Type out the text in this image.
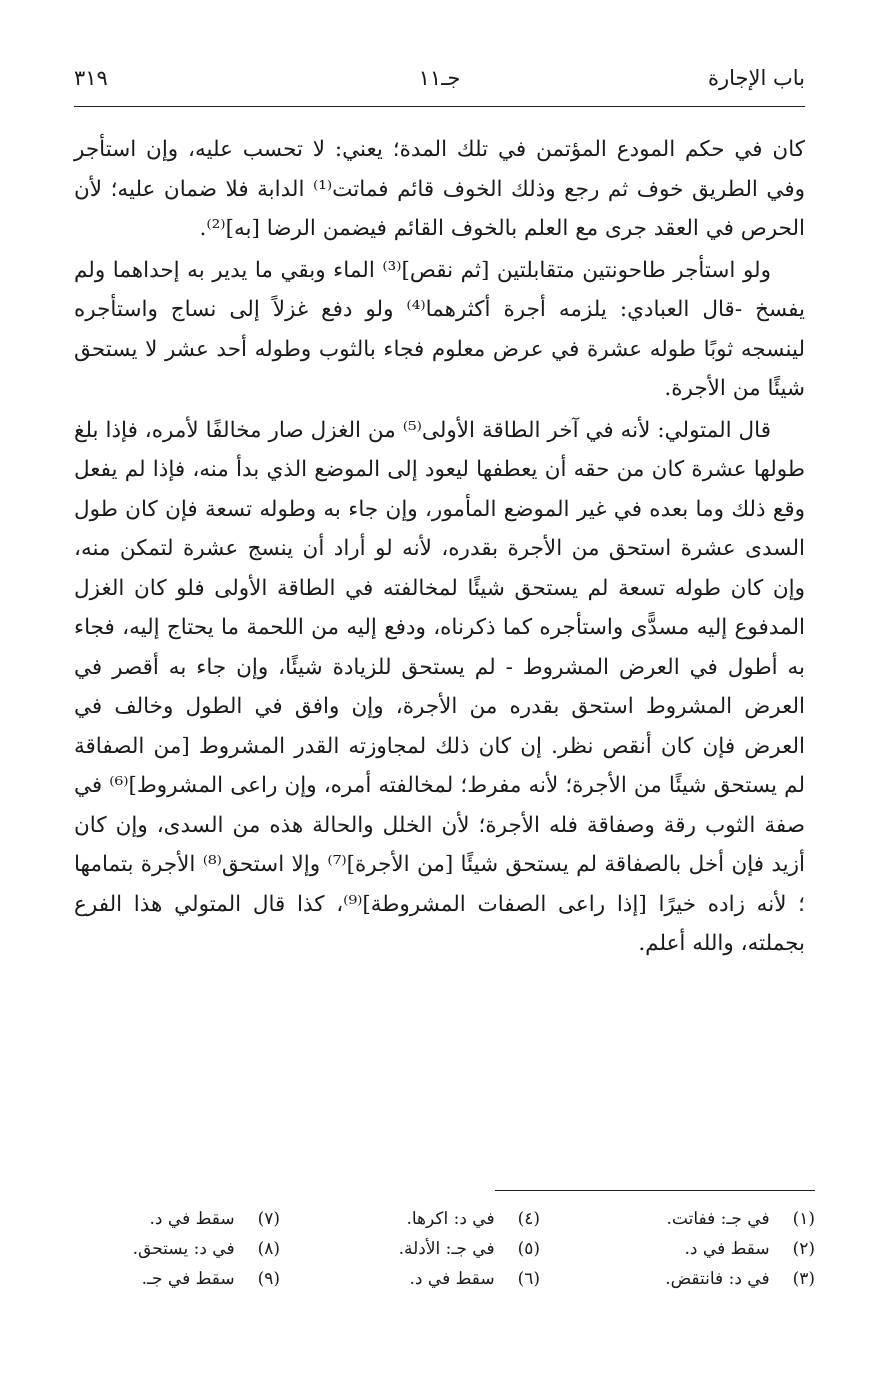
باب الإجارة
جـ١١
٣١٩

كان في حكم المودع المؤتمن في تلك المدة؛ يعني: لا تحسب عليه، وإن استأجر وفي الطريق خوف ثم رجع وذلك الخوف قائم فماتت⁽¹⁾ الدابة فلا ضمان عليه؛ لأن الحرص في العقد جرى مع العلم بالخوف القائم فيضمن الرضا [به]⁽²⁾.

ولو استأجر طاحونتين متقابلتين [ثم نقص]⁽³⁾ الماء وبقي ما يدير به إحداهما ولم يفسخ -قال العبادي: يلزمه أجرة أكثرهما⁽⁴⁾ ولو دفع غزلاً إلى نساج واستأجره لينسجه ثوبًا طوله عشرة في عرض معلوم فجاء بالثوب وطوله أحد عشر لا يستحق شيئًا من الأجرة.

قال المتولي: لأنه في آخر الطاقة الأولى⁽⁵⁾ من الغزل صار مخالفًا لأمره، فإذا بلغ طولها عشرة كان من حقه أن يعطفها ليعود إلى الموضع الذي بدأ منه، فإذا لم يفعل وقع ذلك وما بعده في غير الموضع المأمور، وإن جاء به وطوله تسعة فإن كان طول السدى عشرة استحق من الأجرة بقدره، لأنه لو أراد أن ينسج عشرة لتمكن منه، وإن كان طوله تسعة لم يستحق شيئًا لمخالفته في الطاقة الأولى فلو كان الغزل المدفوع إليه مسدًّى واستأجره كما ذكرناه، ودفع إليه من اللحمة ما يحتاج إليه، فجاء به أطول في العرض المشروط - لم يستحق للزيادة شيئًا، وإن جاء به أقصر في العرض المشروط استحق بقدره من الأجرة، وإن وافق في الطول وخالف في العرض فإن كان أنقص نظر. إن كان ذلك لمجاوزته القدر المشروط [من الصفاقة لم يستحق شيئًا من الأجرة؛ لأنه مفرط؛ لمخالفته أمره، وإن راعى المشروط]⁽⁶⁾ في صفة الثوب رقة وصفاقة فله الأجرة؛ لأن الخلل والحالة هذه من السدى، وإن كان أزيد فإن أخل بالصفاقة لم يستحق شيئًا [من الأجرة]⁽⁷⁾ وإلا استحق⁽⁸⁾ الأجرة بتمامها ؛ لأنه زاده خيرًا [إذا راعى الصفات المشروطة]⁽⁹⁾، كذا قال المتولي هذا الفرع بجملته، والله أعلم.

(١) في جـ: ففاتت.
(٢) سقط في د.
(٣) في د: فانتقض.
(٤) في د: اكرها.
(٥) في جـ: الأدلة.
(٦) سقط في د.
(٧) سقط في د.
(٨) في د: يستحق.
(٩) سقط في جـ.
